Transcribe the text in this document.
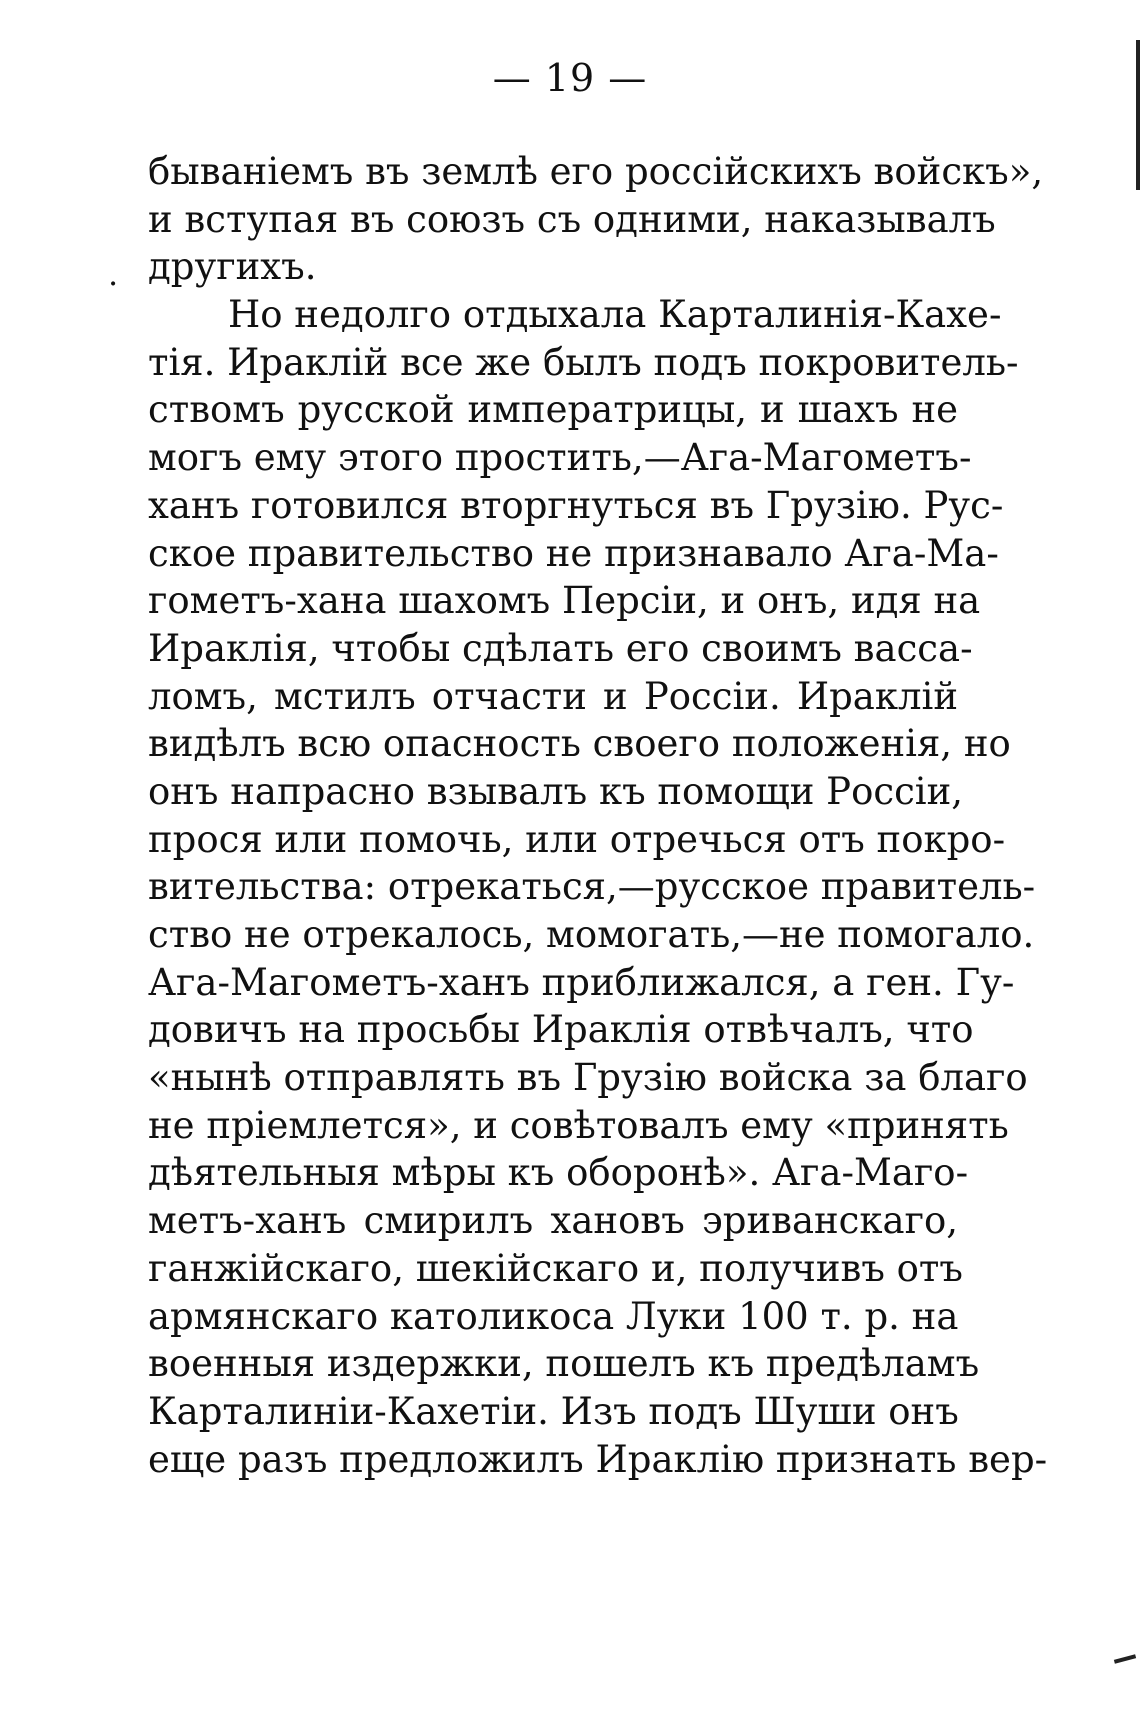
— 19 —
.
бываніемъ въ землѣ его россійскихъ войскъ»,
и вступая въ союзъ съ одними, наказывалъ
другихъ.
Но недолго отдыхала Карталинія-Кахе-
тія. Ираклій все же былъ подъ покровитель-
ствомъ русской императрицы, и шахъ не
могъ ему этого простить,—Ага-Магометъ-
ханъ готовился вторгнуться въ Грузію. Рус-
ское правительство не признавало Ага-Ма-
гометъ-хана шахомъ Персіи, и онъ, идя на
Ираклія, чтобы сдѣлать его своимъ васса-
ломъ, мстилъ отчасти и Россіи. Ираклій
видѣлъ всю опасность своего положенія, но
онъ напрасно взывалъ къ помощи Россіи,
прося или помочь, или отречься отъ покро-
вительства: отрекаться,—русское правитель-
ство не отрекалось, момогать,—не помогало.
Ага-Магометъ-ханъ приближался, а ген. Гу-
довичъ на просьбы Ираклія отвѣчалъ, что
«нынѣ отправлять въ Грузію войска за благо
не пріемлется», и совѣтовалъ ему «принять
дѣятельныя мѣры къ оборонѣ». Ага-Маго-
метъ-ханъ смирилъ хановъ эриванскаго,
ганжійскаго, шекійскаго и, получивъ отъ
армянскаго католикоса Луки 100 т. р. на
военныя издержки, пошелъ къ предѣламъ
Карталиніи-Кахетіи. Изъ подъ Шуши онъ
еще разъ предложилъ Ираклію признать вер-
